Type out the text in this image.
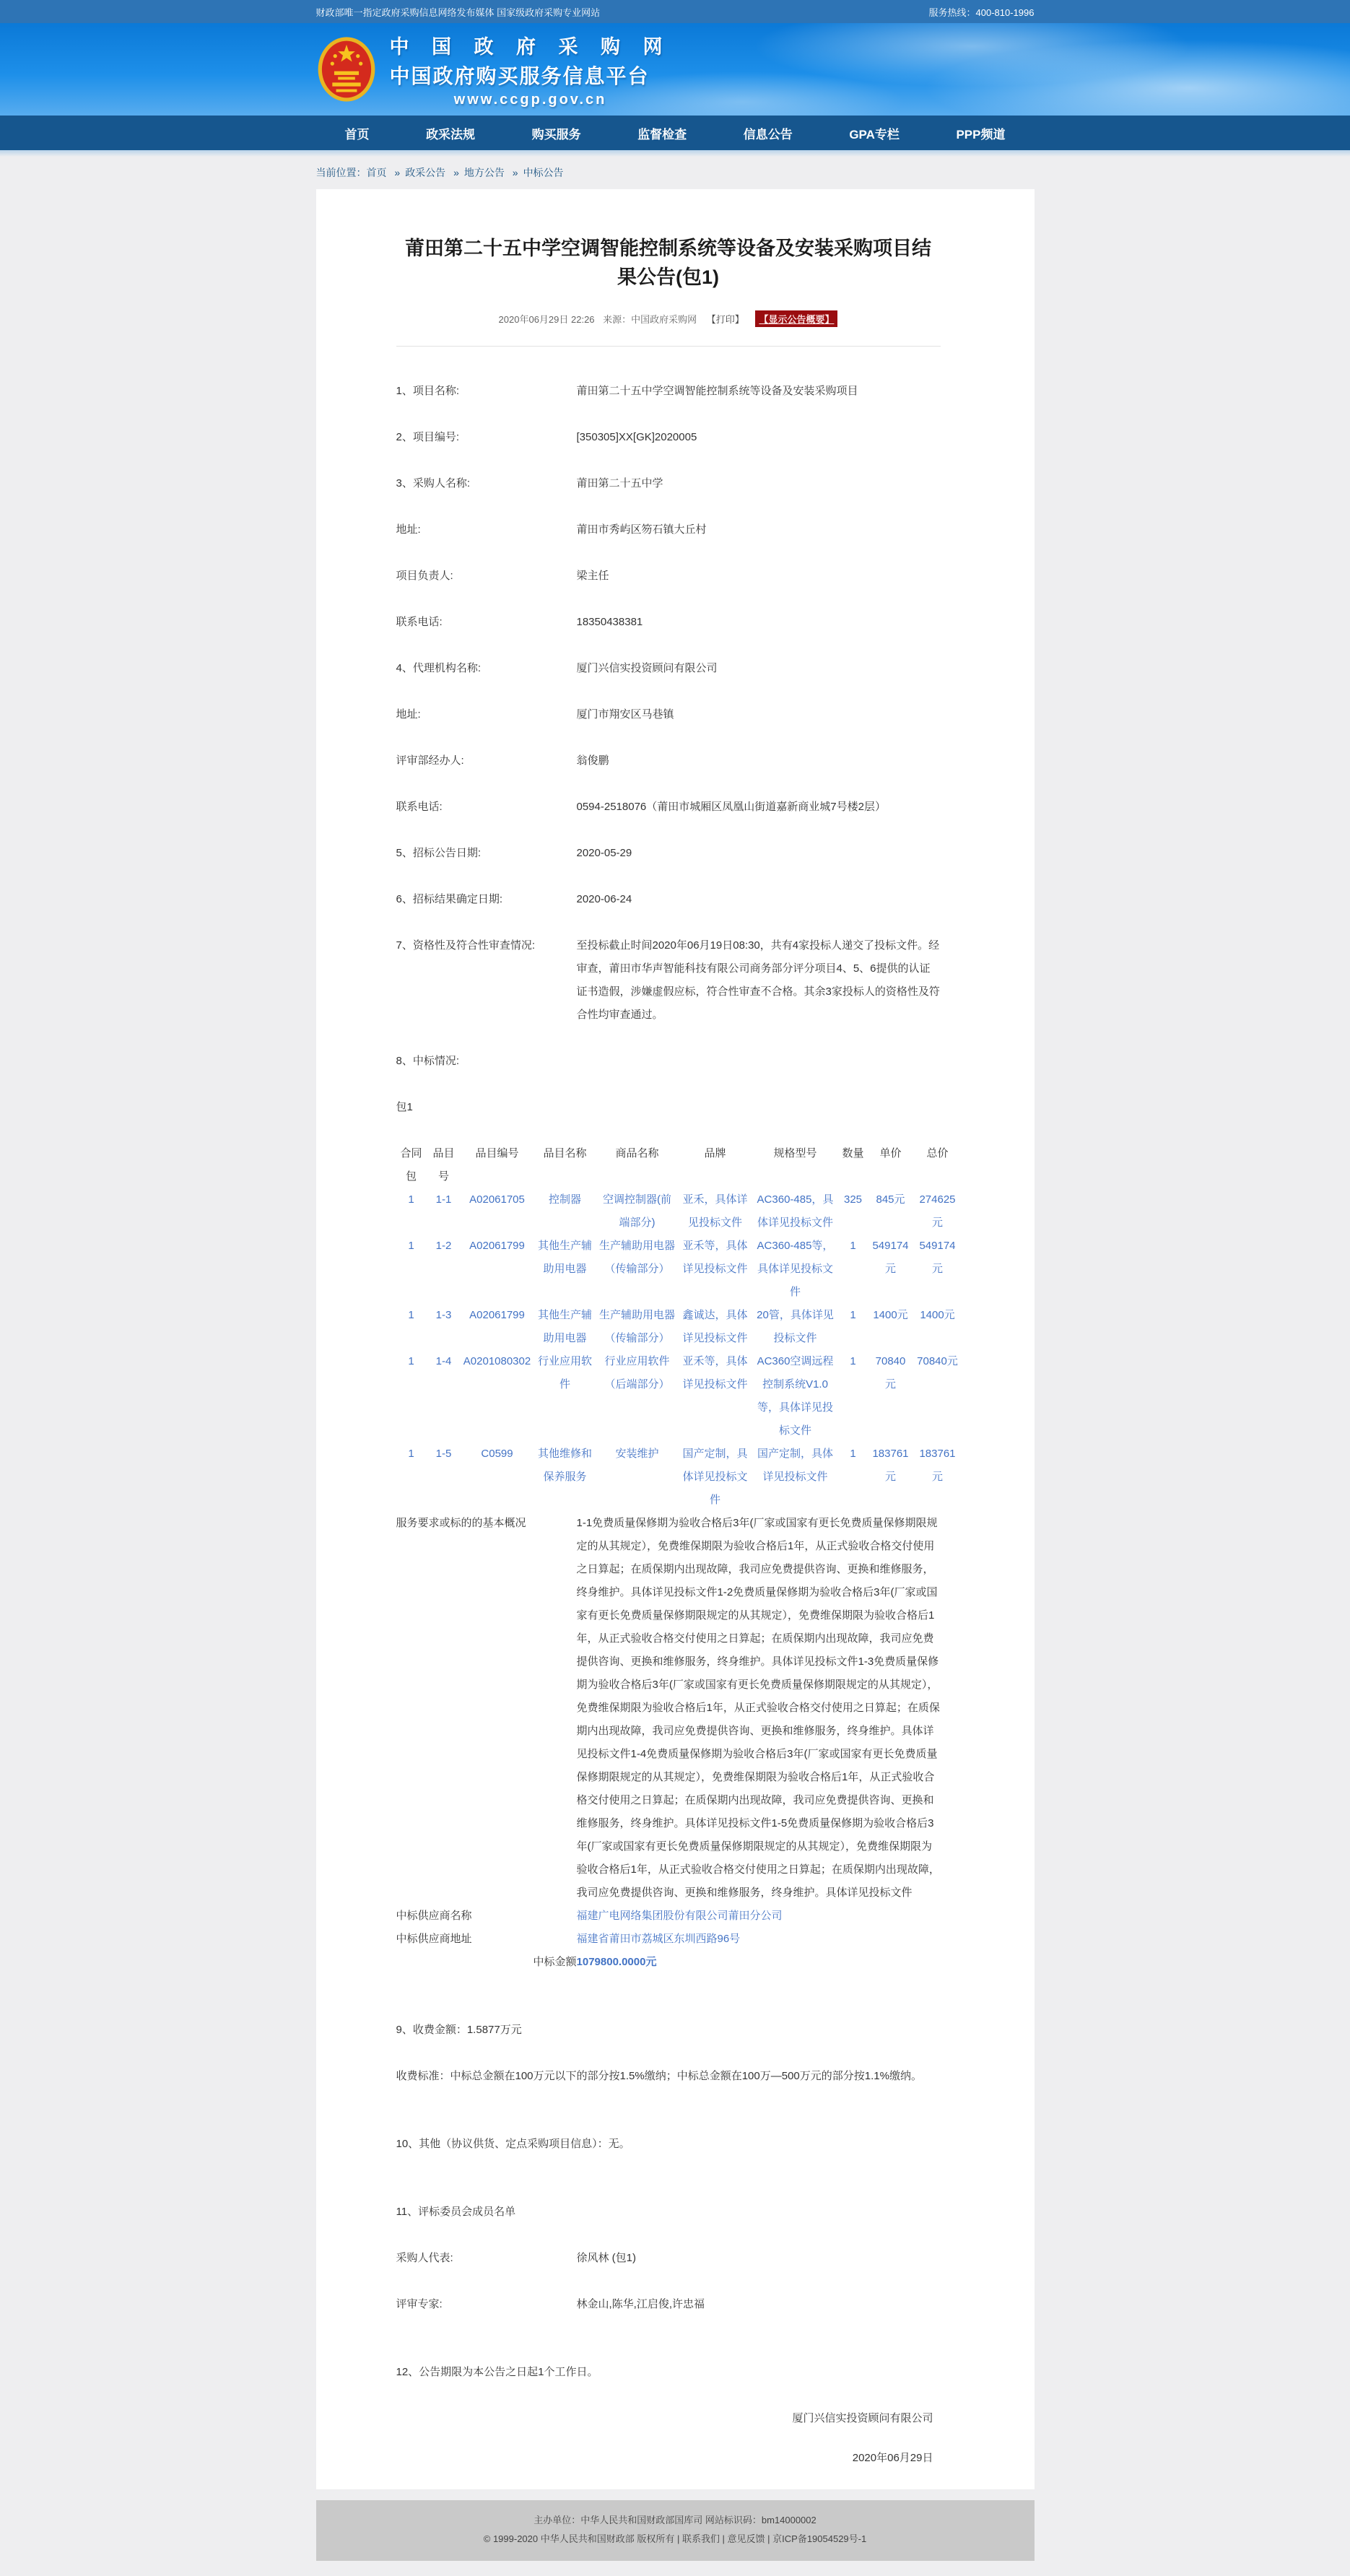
财政部唯一指定政府采购信息网络发布媒体 国家级政府采购专业网站	服务热线：400-810-1996
中 国 政 府 采 购 网
中国政府购买服务信息平台
www.ccgp.gov.cn
首页	政采法规	购买服务	监督检查	信息公告	GPA专栏	PPP频道
当前位置：首页 » 政采公告 » 地方公告 » 中标公告
莆田第二十五中学空调智能控制系统等设备及安装采购项目结果公告(包1)
2020年06月29日 22:26 来源：中国政府采购网 【打印】 【显示公告概要】
1、项目名称:	莆田第二十五中学空调智能控制系统等设备及安装采购项目
2、项目编号:	[350305]XX[GK]2020005
3、采购人名称:	莆田第二十五中学
地址:	莆田市秀屿区笏石镇大丘村
项目负责人:	梁主任
联系电话:	18350438381
4、代理机构名称:	厦门兴信实投资顾问有限公司
地址:	厦门市翔安区马巷镇
评审部经办人:	翁俊鹏
联系电话:	0594-2518076（莆田市城厢区凤凰山街道嘉新商业城7号楼2层）
5、招标公告日期:	2020-05-29
6、招标结果确定日期:	2020-06-24
7、资格性及符合性审查情况:	至投标截止时间2020年06月19日08:30，共有4家投标人递交了投标文件。经审查，莆田市华声智能科技有限公司商务部分评分项目4、5、6提供的认证证书造假，涉嫌虚假应标，符合性审查不合格。其余3家投标人的资格性及符合性均审查通过。

8、中标情况:

包1

合同包	品目号	品目编号	品目名称	商品名称	品牌	规格型号	数量	单价	总价
1	1-1	A02061705	控制器	空调控制器(前端部分)	亚禾，具体详见投标文件	AC360-485，具体详见投标文件	325	845元	274625元
1	1-2	A02061799	其他生产辅助用电器	生产辅助用电器（传输部分）	亚禾等，具体详见投标文件	AC360-485等，具体详见投标文件	1	549174元	549174元
1	1-3	A02061799	其他生产辅助用电器	生产辅助用电器（传输部分）	鑫诚达，具体详见投标文件	20管，具体详见投标文件	1	1400元	1400元
1	1-4	A0201080302	行业应用软件	行业应用软件（后端部分）	亚禾等，具体详见投标文件	AC360空调远程控制系统V1.0等，具体详见投标文件	1	70840元	70840元
1	1-5	C0599	其他维修和保养服务	安装维护	国产定制，具体详见投标文件	国产定制，具体详见投标文件	1	183761元	183761元
服务要求或标的的基本概况	1-1免费质量保修期为验收合格后3年(厂家或国家有更长免费质量保修期限规定的从其规定），免费维保期限为验收合格后1年，从正式验收合格交付使用之日算起；在质保期内出现故障，我司应免费提供咨询、更换和维修服务，终身维护。具体详见投标文件1-2免费质量保修期为验收合格后3年(厂家或国家有更长免费质量保修期限规定的从其规定），免费维保期限为验收合格后1年，从正式验收合格交付使用之日算起；在质保期内出现故障，我司应免费提供咨询、更换和维修服务，终身维护。具体详见投标文件1-3免费质量保修期为验收合格后3年(厂家或国家有更长免费质量保修期限规定的从其规定），免费维保期限为验收合格后1年，从正式验收合格交付使用之日算起；在质保期内出现故障，我司应免费提供咨询、更换和维修服务，终身维护。具体详见投标文件1-4免费质量保修期为验收合格后3年(厂家或国家有更长免费质量保修期限规定的从其规定），免费维保期限为验收合格后1年，从正式验收合格交付使用之日算起；在质保期内出现故障，我司应免费提供咨询、更换和维修服务，终身维护。具体详见投标文件1-5免费质量保修期为验收合格后3年(厂家或国家有更长免费质量保修期限规定的从其规定），免费维保期限为验收合格后1年，从正式验收合格交付使用之日算起；在质保期内出现故障，我司应免费提供咨询、更换和维修服务，终身维护。具体详见投标文件
中标供应商名称	福建广电网络集团股份有限公司莆田分公司
中标供应商地址	福建省莆田市荔城区东圳西路96号
中标金额1079800.0000元

9、收费金额：1.5877万元

收费标准：中标总金额在100万元以下的部分按1.5%缴纳；中标总金额在100万—500万元的部分按1.1%缴纳。

10、其他（协议供货、定点采购项目信息）：无。

11、评标委员会成员名单

采购人代表:	徐风林 (包1)
评审专家:	林金山,陈华,江启俊,许忠福

12、公告期限为本公告之日起1个工作日。

厦门兴信实投资顾问有限公司
2020年06月29日

主办单位：中华人民共和国财政部国库司 网站标识码：bm14000002

© 1999-2020 中华人民共和国财政部 版权所有 | 联系我们 | 意见反馈 | 京ICP备19054529号-1
